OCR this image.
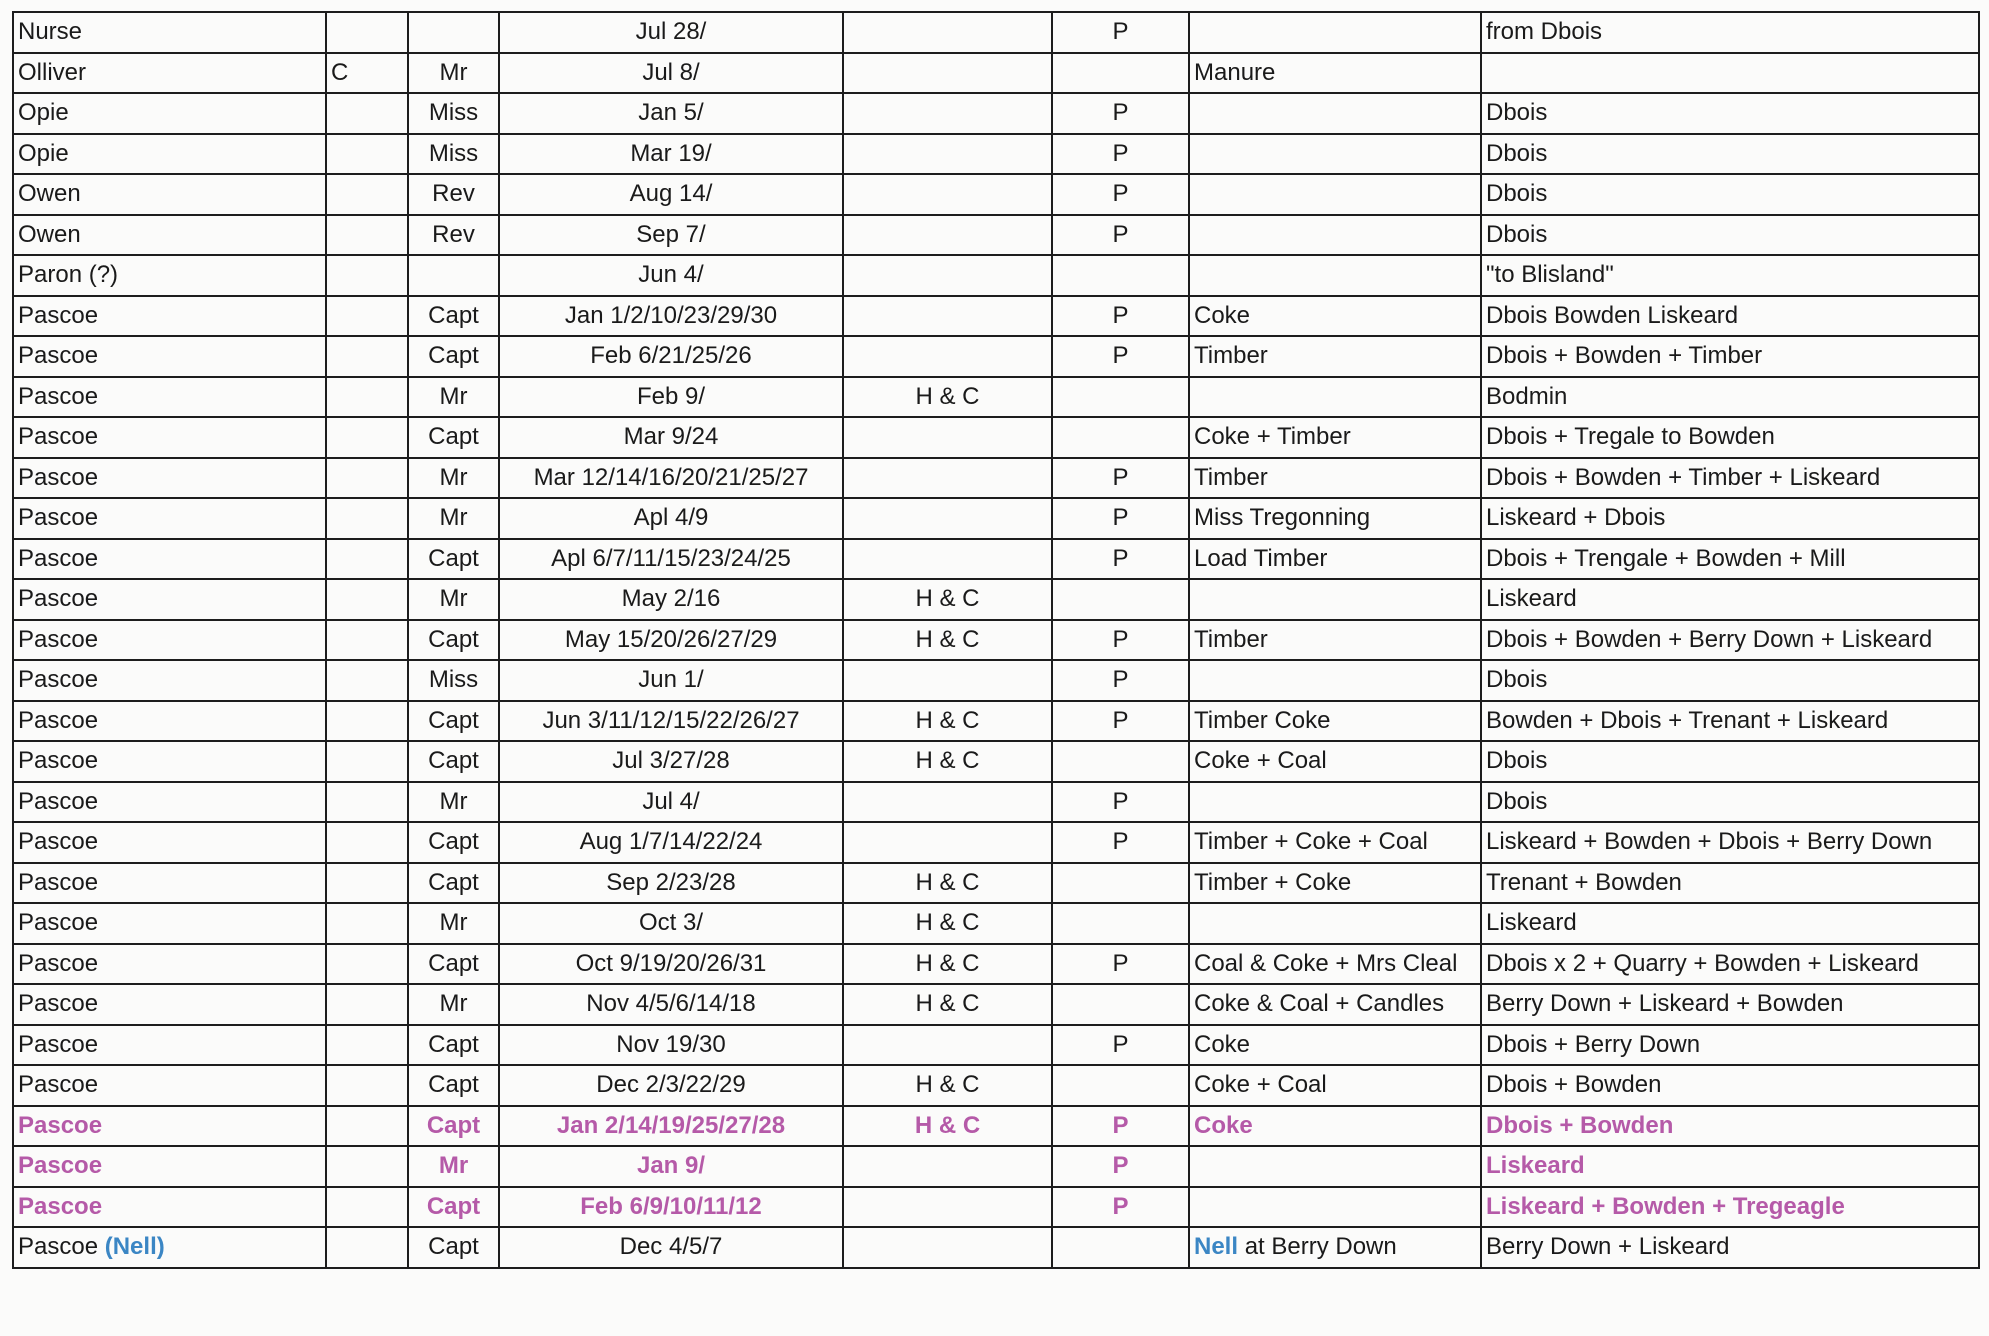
Nurse			Jul 28/		P		from Dbois
Olliver	C	Mr	Jul 8/			Manure	
Opie		Miss	Jan 5/		P		Dbois
Opie		Miss	Mar 19/		P		Dbois
Owen		Rev	Aug 14/		P		Dbois
Owen		Rev	Sep 7/		P		Dbois
Paron (?)			Jun 4/				"to Blisland"
Pascoe		Capt	Jan 1/2/10/23/29/30		P	Coke	Dbois Bowden Liskeard
Pascoe		Capt	Feb 6/21/25/26		P	Timber	Dbois + Bowden + Timber
Pascoe		Mr	Feb 9/	H & C			Bodmin
Pascoe		Capt	Mar 9/24			Coke + Timber	Dbois + Tregale to Bowden
Pascoe		Mr	Mar 12/14/16/20/21/25/27		P	Timber	Dbois + Bowden + Timber + Liskeard
Pascoe		Mr	Apl 4/9		P	Miss Tregonning	Liskeard + Dbois
Pascoe		Capt	Apl 6/7/11/15/23/24/25		P	Load Timber	Dbois + Trengale + Bowden + Mill
Pascoe		Mr	May 2/16	H & C			Liskeard
Pascoe		Capt	May 15/20/26/27/29	H & C	P	Timber	Dbois + Bowden + Berry Down + Liskeard
Pascoe		Miss	Jun 1/		P		Dbois
Pascoe		Capt	Jun 3/11/12/15/22/26/27	H & C	P	Timber Coke	Bowden + Dbois + Trenant + Liskeard
Pascoe		Capt	Jul 3/27/28	H & C		Coke + Coal	Dbois
Pascoe		Mr	Jul 4/		P		Dbois
Pascoe		Capt	Aug 1/7/14/22/24		P	Timber + Coke + Coal	Liskeard + Bowden + Dbois + Berry Down
Pascoe		Capt	Sep 2/23/28	H & C		Timber + Coke	Trenant + Bowden
Pascoe		Mr	Oct 3/	H & C			Liskeard
Pascoe		Capt	Oct 9/19/20/26/31	H & C	P	Coal & Coke + Mrs Cleal	Dbois x 2 + Quarry + Bowden + Liskeard
Pascoe		Mr	Nov 4/5/6/14/18	H & C		Coke & Coal + Candles	Berry Down + Liskeard + Bowden
Pascoe		Capt	Nov 19/30		P	Coke	Dbois + Berry Down
Pascoe		Capt	Dec 2/3/22/29	H & C		Coke + Coal	Dbois + Bowden
Pascoe		Capt	Jan 2/14/19/25/27/28	H & C	P	Coke	Dbois + Bowden
Pascoe		Mr	Jan 9/		P		Liskeard
Pascoe		Capt	Feb 6/9/10/11/12		P		Liskeard + Bowden + Tregeagle
Pascoe (Nell)		Capt	Dec 4/5/7			Nell at Berry Down	Berry Down + Liskeard
